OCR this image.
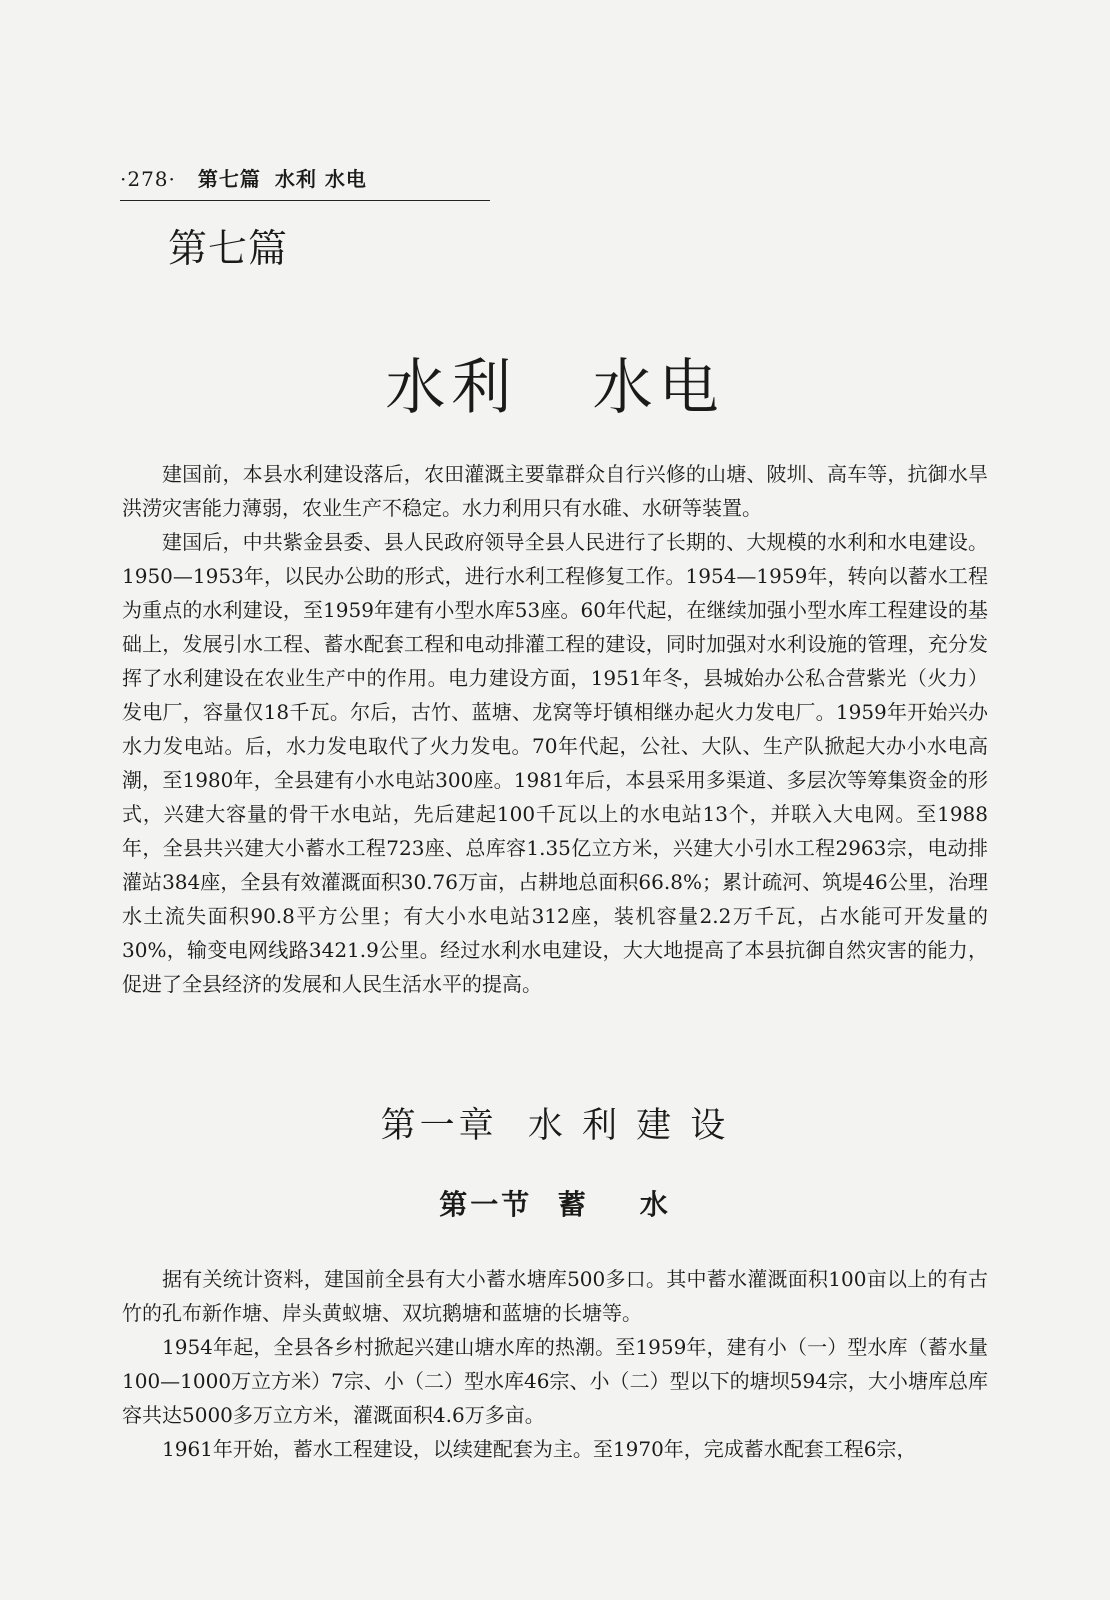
·278· 第七篇 水利 水电
第七篇
水利   水电

建国前，本县水利建设落后，农田灌溉主要靠群众自行兴修的山塘、陂圳、高车等，抗御水旱洪涝灾害能力薄弱，农业生产不稳定。水力利用只有水碓、水研等装置。

建国后，中共紫金县委、县人民政府领导全县人民进行了长期的、大规模的水利和水电建设。1950—1953年，以民办公助的形式，进行水利工程修复工作。1954—1959年，转向以蓄水工程为重点的水利建设，至1959年建有小型水库53座。60年代起，在继续加强小型水库工程建设的基础上，发展引水工程、蓄水配套工程和电动排灌工程的建设，同时加强对水利设施的管理，充分发挥了水利建设在农业生产中的作用。电力建设方面，1951年冬，县城始办公私合营紫光（火力）发电厂，容量仅18千瓦。尔后，古竹、蓝塘、龙窝等圩镇相继办起火力发电厂。1959年开始兴办水力发电站。后，水力发电取代了火力发电。70年代起，公社、大队、生产队掀起大办小水电高潮，至1980年，全县建有小水电站300座。1981年后，本县采用多渠道、多层次等筹集资金的形式，兴建大容量的骨干水电站，先后建起100千瓦以上的水电站13个，并联入大电网。至1988年，全县共兴建大小蓄水工程723座、总库容1.35亿立方米，兴建大小引水工程2963宗，电动排灌站384座，全县有效灌溉面积30.76万亩，占耕地总面积66.8%；累计疏河、筑堤46公里，治理水土流失面积90.8平方公里；有大小水电站312座，装机容量2.2万千瓦，占水能可开发量的30%，输变电网线路3421.9公里。经过水利水电建设，大大地提高了本县抗御自然灾害的能力，促进了全县经济的发展和人民生活水平的提高。

第一章  水 利 建 设
第一节  蓄    水

据有关统计资料，建国前全县有大小蓄水塘库500多口。其中蓄水灌溉面积100亩以上的有古竹的孔布新作塘、岸头黄蚁塘、双坑鹅塘和蓝塘的长塘等。

1954年起，全县各乡村掀起兴建山塘水库的热潮。至1959年，建有小（一）型水库（蓄水量100—1000万立方米）7宗、小（二）型水库46宗、小（二）型以下的塘坝594宗，大小塘库总库容共达5000多万立方米，灌溉面积4.6万多亩。

1961年开始，蓄水工程建设，以续建配套为主。至1970年，完成蓄水配套工程6宗，
